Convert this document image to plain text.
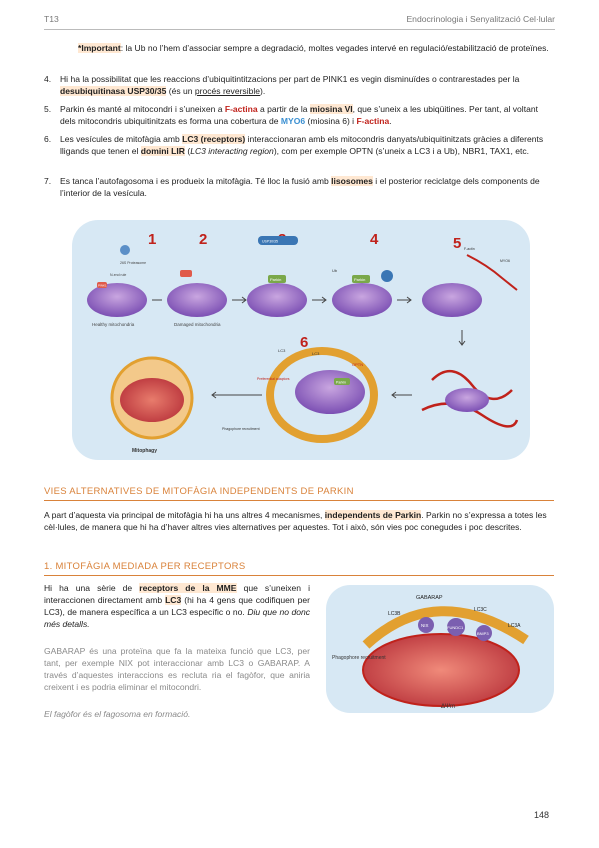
T13	Endocrinologia i Senyalització Cel·lular
*Important: la Ub no l’hem d’associar sempre a degradació, moltes vegades intervé en regulació/estabilització de proteïnes.
4. Hi ha la possibilitat que les reaccions d’ubiquitintitzacions per part de PINK1 es vegin disminuïdes o contrarestades per la desubiquitinasa USP30/35 (és un procés reversible).
5. Parkin és manté al mitocondri i s’uneixen a F-actina a partir de la miosina VI, que s’uneix a les ubiqüitines. Per tant, al voltant dels mitocondris ubiquitinitzats es forma una cobertura de MYO6 (miosina 6) i F-actina.
6. Les vesícules de mitofàgia amb LC3 (receptors) interaccionaran amb els mitocondris danyats/ubiquitinitzats gràcies a diferents lligands que tenen el domini LIR (LC3 interacting region), com per exemple OPTN (s’uneix a LC3 i a Ub), NBR1, TAX1, etc.
7. Es tanca l’autofagosoma i es produeix la mitofàgia. Té lloc la fusió amb lisosomes i el posterior reciclatge dels components de l’interior de la vesícula.
1	2	4	5
6
Healthy mitochondria
26S Proteasome
N-end rule
PINK1
Damaged mitochondria
USP30/35
Parkin	Parkin
Ub
F-actin
MYO6
LC3
LC3
OPTN
Preferential adaptors
Phagophore recruitment
Parkin
Mitophagy
VIES ALTERNATIVES DE MITOFÀGIA INDEPENDENTS DE PARKIN
A part d’aquesta via principal de mitofàgia hi ha uns altres 4 mecanismes, independents de Parkin. Parkin no s’expressa a totes les cèl·lules, de manera que hi ha d’haver altres vies alternatives per aquestes. Tot i això, són vies poc conegudes i poc descrites.
1. MITOFÀGIA MEDIADA PER RECEPTORS
Hi ha una sèrie de receptors de la MME que s’uneixen i interaccionen directament amb LC3 (hi ha 4 gens que codifiquen per LC3), de manera específica a un LC3 específic o no. Diu que no donc més detalls.
GABARAP és una proteïna que fa la mateixa funció que LC3, per tant, per exemple NIX pot interaccionar amb LC3 o GABARAP. A través d’aquestes interaccions es recluta ria el fagòfor, que aniria creixent i es podria eliminar el mitocondri.
El fagòfor és el fagosoma en formació.
GABARAP
LC3B
LC3C
LC3A
NIX	FUNDC1
BNIP3
Phagophore recruitment
ΔΨm
148
